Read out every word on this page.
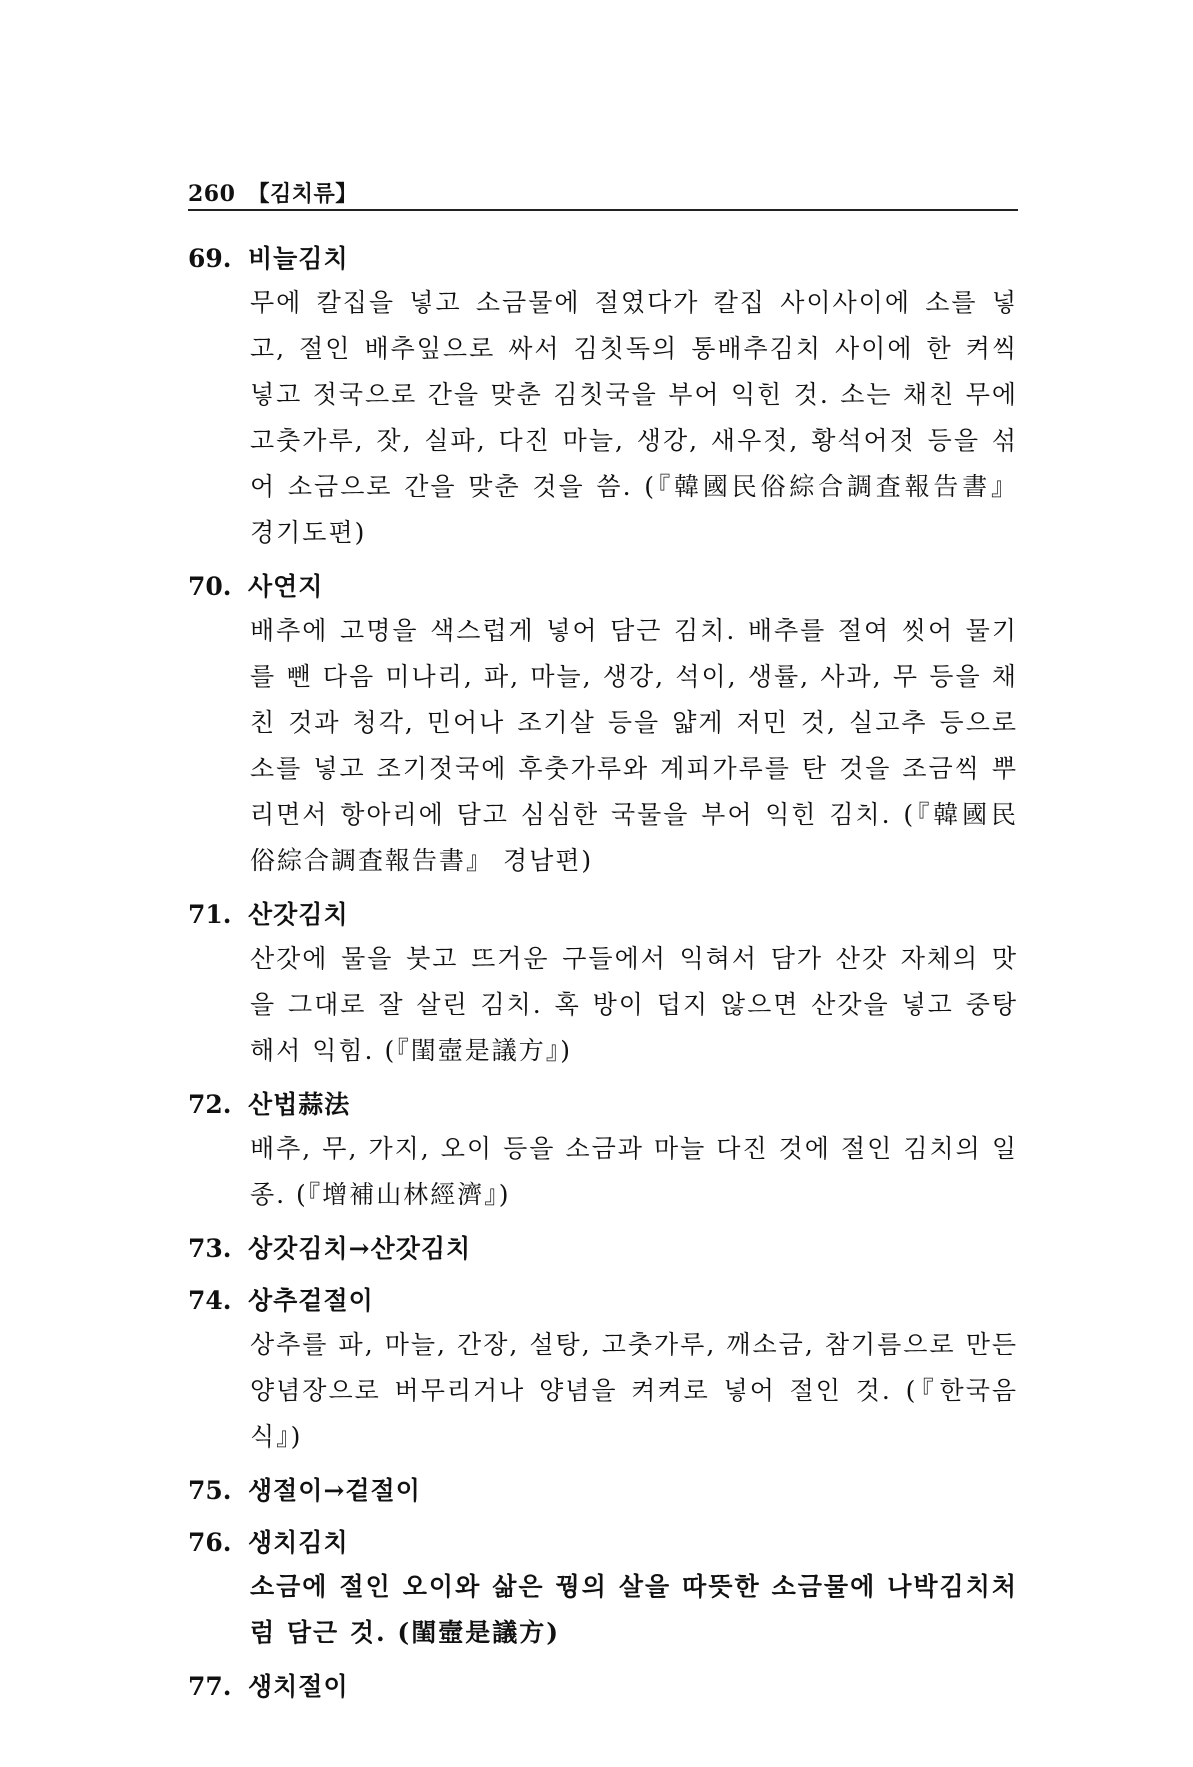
260 【김치류】
69. 비늘김치
무에 칼집을 넣고 소금물에 절였다가 칼집 사이사이에 소를 넣고, 절인 배추잎으로 싸서 김칫독의 통배추김치 사이에 한 켜씩 넣고 젓국으로 간을 맞춘 김칫국을 부어 익힌 것. 소는 채친 무에 고춧가루, 잣, 실파, 다진 마늘, 생강, 새우젓, 황석어젓 등을 섞어 소금으로 간을 맞춘 것을 씀. (『韓國民俗綜合調査報告書』 경기도편)
70. 사연지
배추에 고명을 색스럽게 넣어 담근 김치. 배추를 절여 씻어 물기를 뺀 다음 미나리, 파, 마늘, 생강, 석이, 생률, 사과, 무 등을 채친 것과 청각, 민어나 조기살 등을 얇게 저민 것, 실고추 등으로 소를 넣고 조기젓국에 후춧가루와 계피가루를 탄 것을 조금씩 뿌리면서 항아리에 담고 심심한 국물을 부어 익힌 김치. (『韓國民俗綜合調査報告書』 경남편)
71. 산갓김치
산갓에 물을 붓고 뜨거운 구들에서 익혀서 담가 산갓 자체의 맛을 그대로 잘 살린 김치. 혹 방이 덥지 않으면 산갓을 넣고 중탕해서 익힘. (『閨壼是議方』)
72. 산법蒜法
배추, 무, 가지, 오이 등을 소금과 마늘 다진 것에 절인 김치의 일종. (『增補山林經濟』)
73. 상갓김치→산갓김치
74. 상추겉절이
상추를 파, 마늘, 간장, 설탕, 고춧가루, 깨소금, 참기름으로 만든 양념장으로 버무리거나 양념을 켜켜로 넣어 절인 것. (『한국음식』)
75. 생절이→겉절이
76. 생치김치
소금에 절인 오이와 삶은 꿩의 살을 따뜻한 소금물에 나박김치처럼 담근 것. (閨壼是議方)
77. 생치절이
